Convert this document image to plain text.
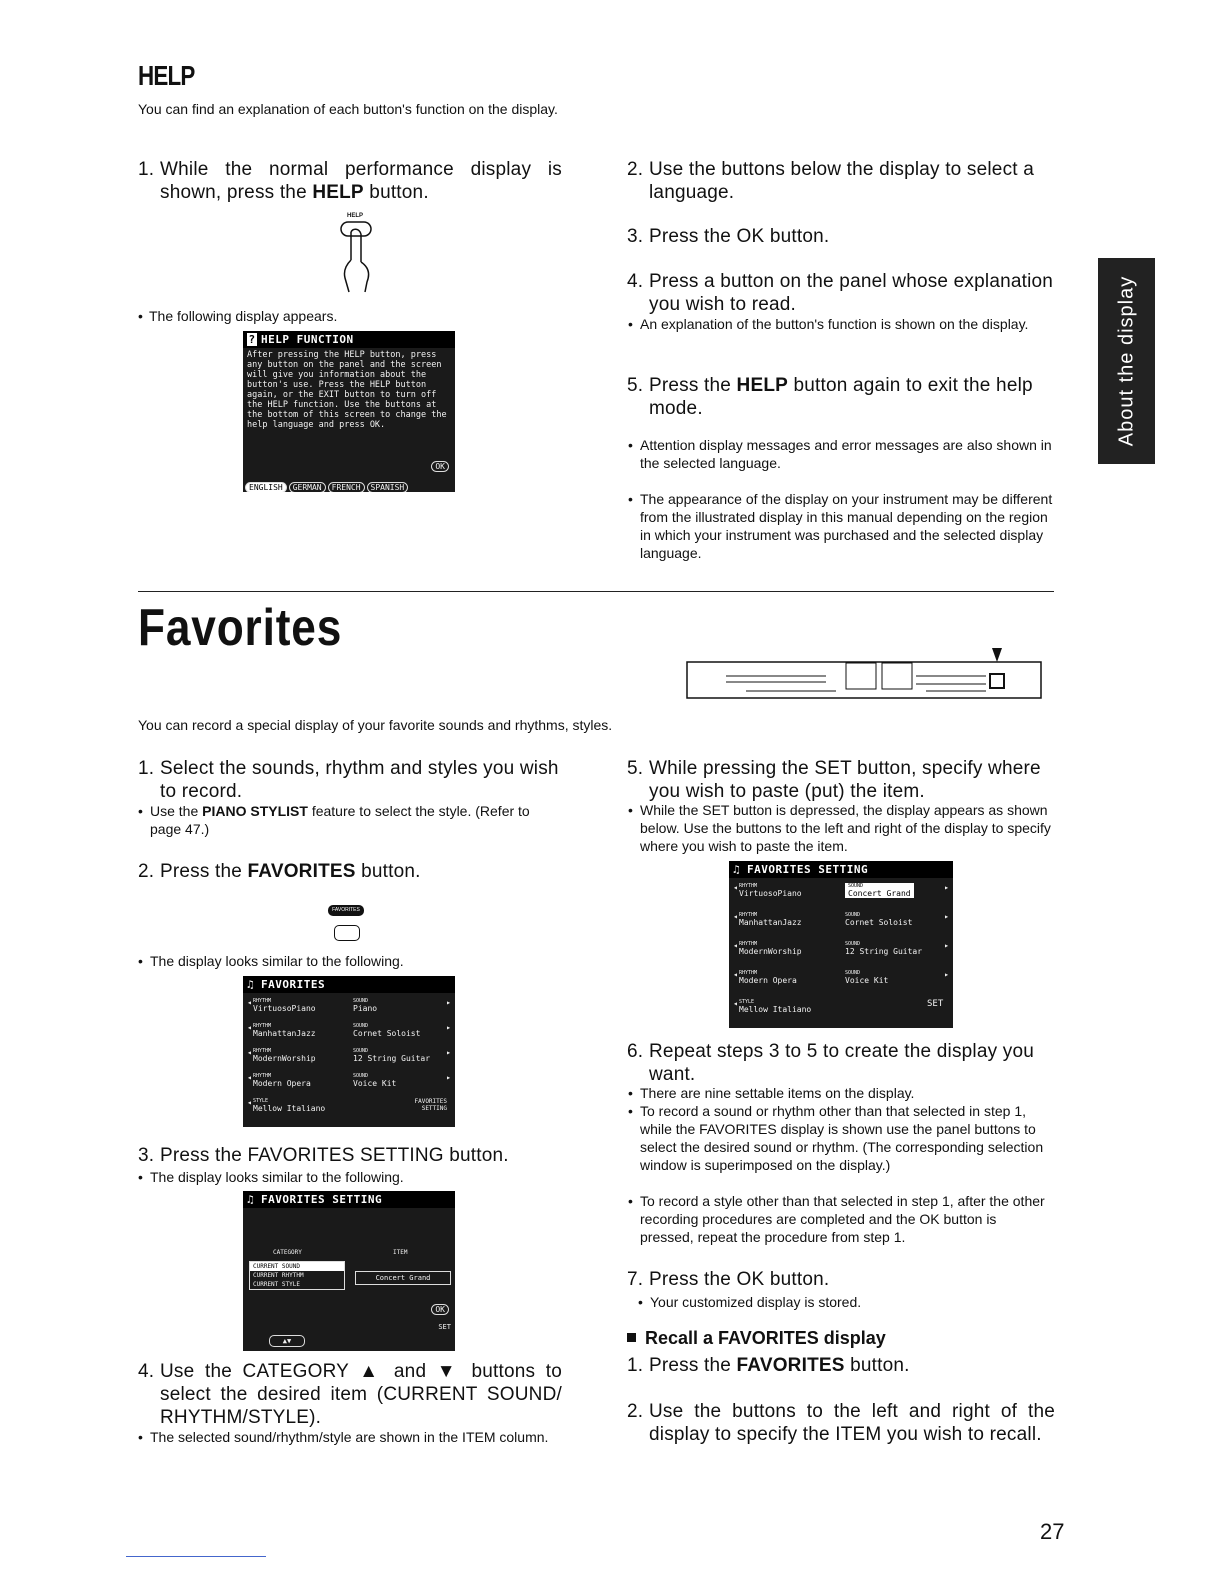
HELP
You can find an explanation of each button's function on the display.
1. While the normal performance display is shown, press the HELP button.
HELP
• The following display appears.
? HELP FUNCTION
After pressing the HELP button, press any button on the panel and the screen will give you information about the button's use. Press the HELP button again, or the EXIT button to turn off the HELP function. Use the buttons at the bottom of this screen to change the help language and press OK.
OK
ENGLISH GERMAN FRENCH SPANISH
2. Use the buttons below the display to select a language.
3. Press the OK button.
4. Press a button on the panel whose explanation you wish to read.
• An explanation of the button's function is shown on the display.
5. Press the HELP button again to exit the help mode.
• Attention display messages and error messages are also shown in the selected language.
• The appearance of the display on your instrument may be different from the illustrated display in this manual depending on the region in which your instrument was purchased and the selected display language.
About the display
Favorites
You can record a special display of your favorite sounds and rhythms, styles.
1. Select the sounds, rhythm and styles you wish to record.
• Use the PIANO STYLIST feature to select the style. (Refer to page 47.)
2. Press the FAVORITES button.
FAVORITES
• The display looks similar to the following.
♫ FAVORITES
◂ RHYTHM
VirtuosoPiano
SOUND
Piano
▸
◂ RHYTHM
ManhattanJazz
SOUND
Cornet Soloist
▸
◂ RHYTHM
ModernWorship
SOUND
12 String Guitar
▸
◂ RHYTHM
Modern Opera
SOUND
Voice Kit
▸
◂ STYLE
Mellow Italiano
FAVORITES SETTING
3. Press the FAVORITES SETTING button.
• The display looks similar to the following.
♫ FAVORITES SETTING
CATEGORY	ITEM
CURRENT SOUND
CURRENT RHYTHM
CURRENT STYLE
Concert Grand
OK
SET
▲▼
4. Use the CATEGORY ▲ and ▼ buttons to select the desired item (CURRENT SOUND/ RHYTHM/STYLE).
• The selected sound/rhythm/style are shown in the ITEM column.
5. While pressing the SET button, specify where you wish to paste (put) the item.
• While the SET button is depressed, the display appears as shown below. Use the buttons to the left and right of the display to specify where you wish to paste the item.
♫ FAVORITES SETTING
◂ RHYTHM
VirtuosoPiano
SOUND
Concert Grand
▸
◂ RHYTHM
ManhattanJazz
SOUND
Cornet Soloist
▸
◂ RHYTHM
ModernWorship
SOUND
12 String Guitar
▸
◂ RHYTHM
Modern Opera
SOUND
Voice Kit
▸
◂ STYLE
Mellow Italiano
SET
6. Repeat steps 3 to 5 to create the display you want.
• There are nine settable items on the display.
• To record a sound or rhythm other than that selected in step 1, while the FAVORITES display is shown use the panel buttons to select the desired sound or rhythm. (The corresponding selection window is superimposed on the display.)
• To record a style other than that selected in step 1, after the other recording procedures are completed and the OK button is pressed, repeat the procedure from step 1.
7. Press the OK button.
• Your customized display is stored.
Recall a FAVORITES display
1. Press the FAVORITES button.
2. Use the buttons to the left and right of the display to specify the ITEM you wish to recall.
27
